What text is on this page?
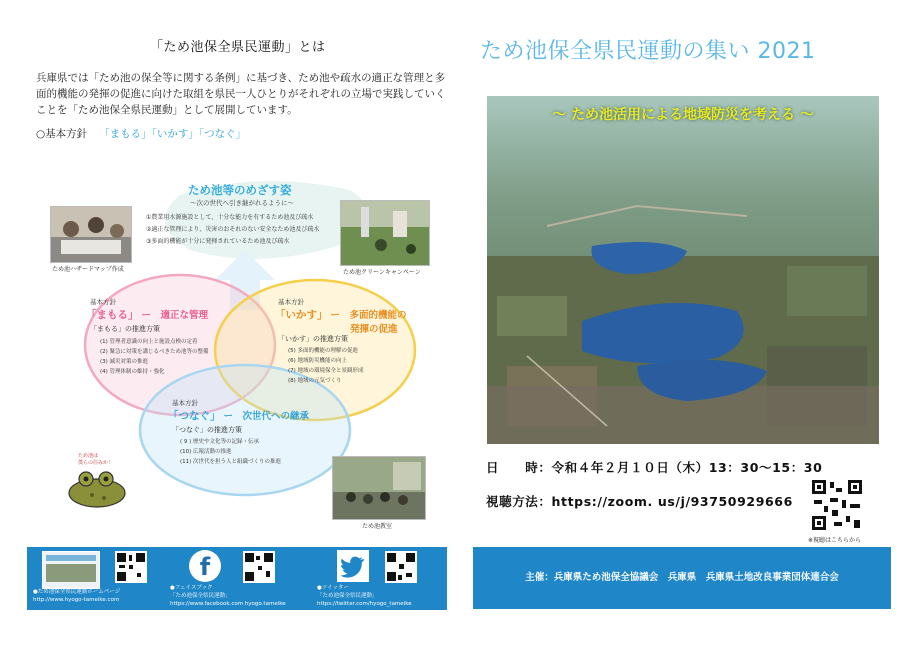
「ため池保全県民運動」とは
兵庫県では「ため池の保全等に関する条例」に基づき、ため池や疏水の適正な管理と多面的機能の発揮の促進に向けた取組を県民一人ひとりがそれぞれの立場で実践していくことを「ため池保全県民運動」として展開しています。
○基本方針 「まもる」「いかす」「つなぐ」
ため池等のめざす姿
～次の世代へ引き継がれるように～
①農業用水源施設として、十分な能力を有するため池及び疏水
②適正な管理により、災害のおそれのない安全なため池及び疏水
③多面的機能が十分に発揮されているため池及び疏水
ため池ハザードマップ作成	ため池クリーンキャンペーン
ため池教室
ため池は
僕らの住みか！
基本方針
「まもる」 ー　適正な管理
「まもる」の推進方策
(1) 管理者意識の向上と施設点検の定着
(2) 緊急に対策を講じるべきため池等の整備
(3) 減災対策の推進
(4) 管理体制の維持・強化
基本方針
「いかす」 ー　多面的機能の
発揮の促進
「いかす」の推進方策
(5) 多面的機能の理解の促進
(6) 地域防災機能の向上
(7) 地域の環境保全と景観形成
(8) 地域の元気づくり
基本方針
「つなぐ」 ー　次世代への継承
「つなぐ」の推進方策
( 9 ) 歴史や文化等の記録・伝承
(10) 広報活動の推進
(11) 次世代を担う人と組織づくりの推進
●ため池保全県民運動ホームページ
http://www.hyogo-tameike.com
f
●フェイスブック
「ため池保全県民運動」
https://www.facebook.com hyogo.tameike
●ツイッター
「ため池保全県民運動」
https://twitter.com/hyogo_tameike
ため池保全県民運動の集い 2021
～ ため池活用による地域防災を考える ～
日　　時：令和４年２月１０日（木）13：30〜15：30
視聴方法：https://zoom. us/j/93750929666
※視聴はこちらから
主催：兵庫県ため池保全協議会　兵庫県　兵庫県土地改良事業団体連合会
